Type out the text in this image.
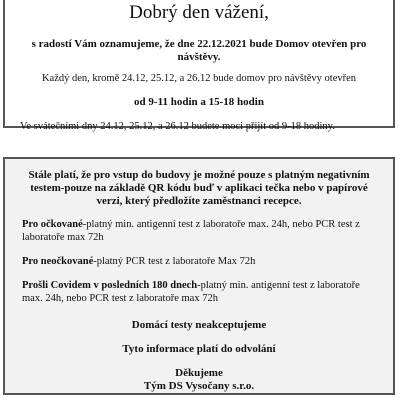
Dobrý den vážení,

s radostí Vám oznamujeme, že dne 22.12.2021 bude Domov otevřen pro

návštěvy.

Každý den, kromě 24.12, 25.12, a 26.12 bude domov pro návštěvy otevřen

od 9-11 hodin a 15-18 hodin

Ve svátečními dny 24.12, 25.12, a 26.12 budete moci přijít od 9-18 hodiny.

Stále platí, že pro vstup do budovy je možné pouze s platným negativním

testem-pouze na základě QR kódu buď v aplikaci tečka nebo v papírové

verzi, který předložíte zaměstnanci recepce.

Pro očkované-platný min. antigenní test z laboratoře max. 24h, nebo PCR test z

laboratoře max 72h

Pro neočkované-platný PCR test z laboratoře Max 72h

Prošli Covidem v posledních 180 dnech-platný min. antigenní test z laboratoře

max. 24h, nebo PCR test z laboratoře max 72h

Domácí testy neakceptujeme

Tyto informace platí do odvolání

Děkujeme

Tým DS Vysočany s.r.o.
